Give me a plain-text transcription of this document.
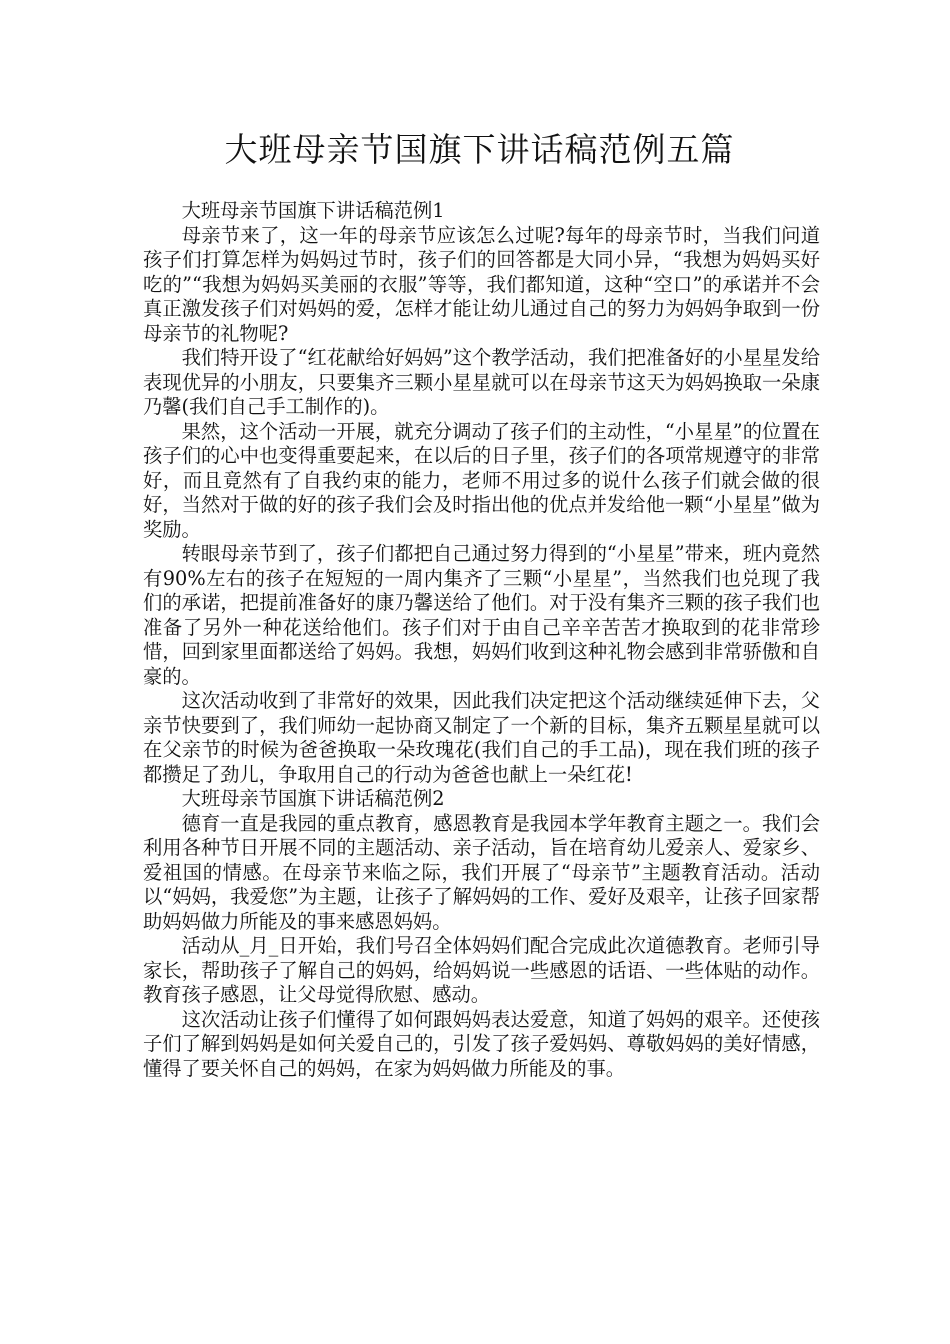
大班母亲节国旗下讲话稿范例五篇

大班母亲节国旗下讲话稿范例1

母亲节来了，这一年的母亲节应该怎么过呢?每年的母亲节时，当我们问道孩子们打算怎样为妈妈过节时，孩子们的回答都是大同小异，“我想为妈妈买好吃的”“我想为妈妈买美丽的衣服”等等，我们都知道，这种“空口”的承诺并不会真正激发孩子们对妈妈的爱，怎样才能让幼儿通过自己的努力为妈妈争取到一份母亲节的礼物呢?

我们特开设了“红花献给好妈妈”这个教学活动，我们把准备好的小星星发给表现优异的小朋友，只要集齐三颗小星星就可以在母亲节这天为妈妈换取一朵康乃馨(我们自己手工制作的)。

果然，这个活动一开展，就充分调动了孩子们的主动性，“小星星”的位置在孩子们的心中也变得重要起来，在以后的日子里，孩子们的各项常规遵守的非常好，而且竟然有了自我约束的能力，老师不用过多的说什么孩子们就会做的很好，当然对于做的好的孩子我们会及时指出他的优点并发给他一颗“小星星”做为奖励。

转眼母亲节到了，孩子们都把自己通过努力得到的“小星星”带来，班内竟然有90%左右的孩子在短短的一周内集齐了三颗“小星星”，当然我们也兑现了我们的承诺，把提前准备好的康乃馨送给了他们。对于没有集齐三颗的孩子我们也准备了另外一种花送给他们。孩子们对于由自己辛辛苦苦才换取到的花非常珍惜，回到家里面都送给了妈妈。我想，妈妈们收到这种礼物会感到非常骄傲和自豪的。

这次活动收到了非常好的效果，因此我们决定把这个活动继续延伸下去，父亲节快要到了，我们师幼一起协商又制定了一个新的目标，集齐五颗星星就可以在父亲节的时候为爸爸换取一朵玫瑰花(我们自己的手工品)，现在我们班的孩子都攒足了劲儿，争取用自己的行动为爸爸也献上一朵红花!

大班母亲节国旗下讲话稿范例2

德育一直是我园的重点教育，感恩教育是我园本学年教育主题之一。我们会利用各种节日开展不同的主题活动、亲子活动，旨在培育幼儿爱亲人、爱家乡、爱祖国的情感。在母亲节来临之际，我们开展了“母亲节”主题教育活动。活动以“妈妈，我爱您”为主题，让孩子了解妈妈的工作、爱好及艰辛，让孩子回家帮助妈妈做力所能及的事来感恩妈妈。

活动从_月_日开始，我们号召全体妈妈们配合完成此次道德教育。老师引导家长，帮助孩子了解自己的妈妈，给妈妈说一些感恩的话语、一些体贴的动作。教育孩子感恩，让父母觉得欣慰、感动。

这次活动让孩子们懂得了如何跟妈妈表达爱意，知道了妈妈的艰辛。还使孩子们了解到妈妈是如何关爱自己的，引发了孩子爱妈妈、尊敬妈妈的美好情感，懂得了要关怀自己的妈妈，在家为妈妈做力所能及的事。
